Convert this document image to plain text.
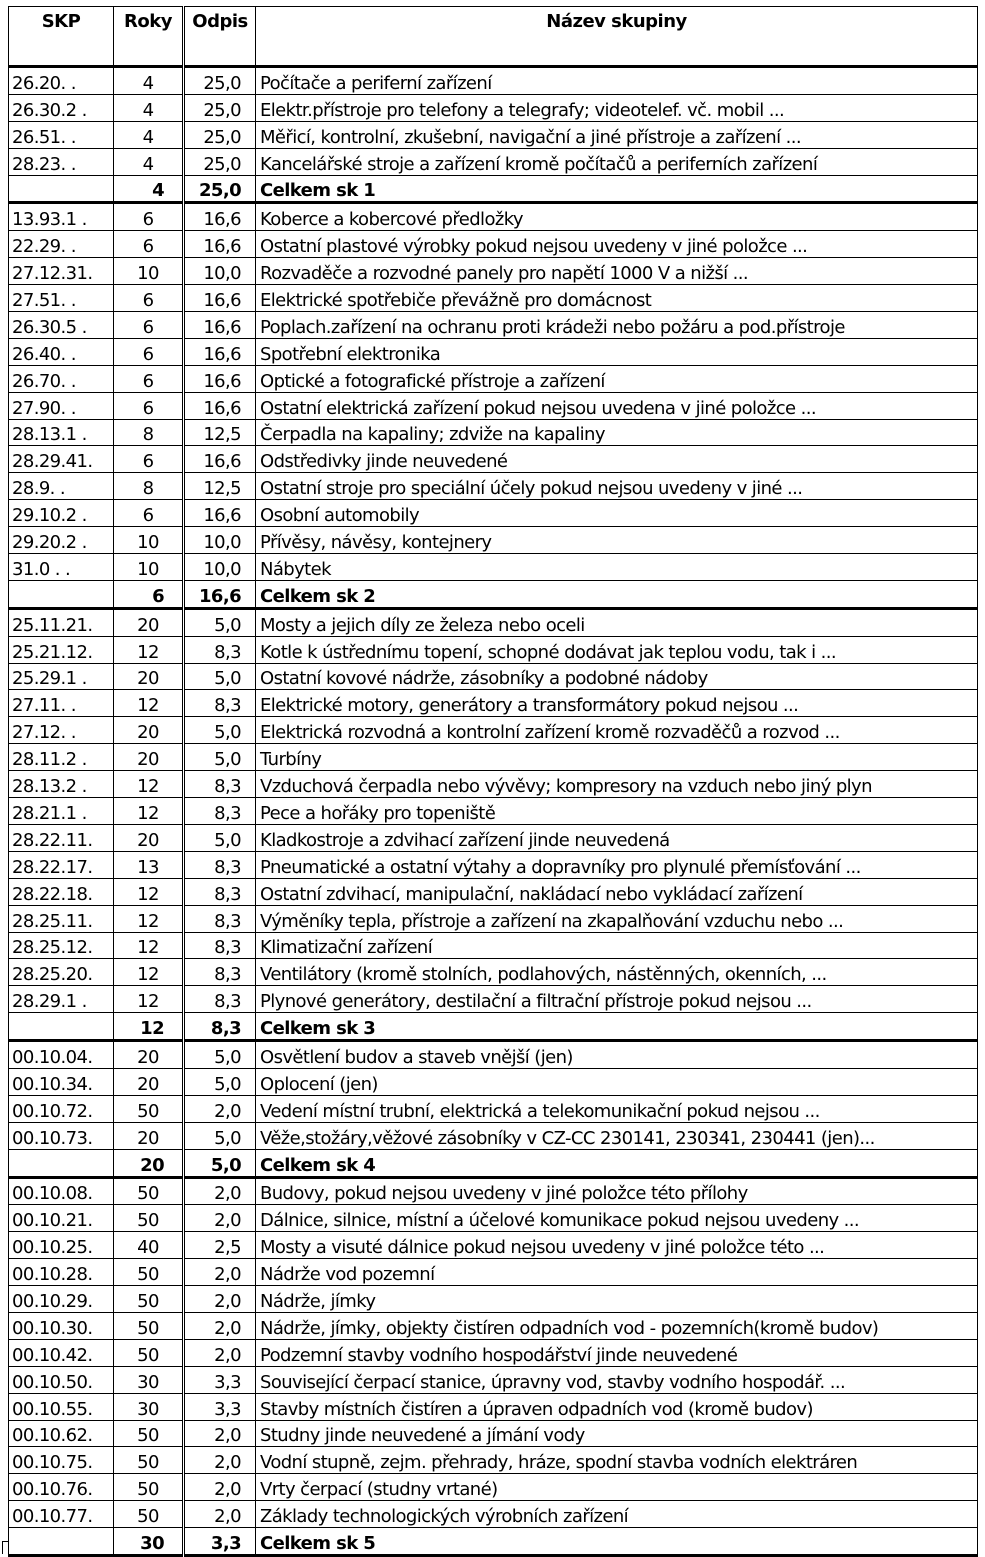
SKP	Roky	Odpis	Název skupiny
26.20. .	4	25,0	Počítače a periferní zařízení
26.30.2 .	4	25,0	Elektr.přístroje pro telefony a telegrafy; videotelef. vč. mobil ...
26.51. .	4	25,0	Měřicí, kontrolní, zkušební, navigační a jiné přístroje a zařízení ...
28.23. .	4	25,0	Kancelářské stroje a zařízení kromě počítačů a periferních zařízení
	4	25,0	Celkem sk 1
13.93.1 .	6	16,6	Koberce a kobercové předložky
22.29. .	6	16,6	Ostatní plastové výrobky pokud nejsou uvedeny v jiné položce ...
27.12.31.	10	10,0	Rozvaděče a rozvodné panely pro napětí 1000 V a nižší ...
27.51. .	6	16,6	Elektrické spotřebiče převážně pro domácnost
26.30.5 .	6	16,6	Poplach.zařízení na ochranu proti krádeži nebo požáru a pod.přístroje
26.40. .	6	16,6	Spotřební elektronika
26.70. .	6	16,6	Optické a fotografické přístroje a zařízení
27.90. .	6	16,6	Ostatní elektrická zařízení pokud nejsou uvedena v jiné položce ...
28.13.1 .	8	12,5	Čerpadla na kapaliny; zdviže na kapaliny
28.29.41.	6	16,6	Odstředivky jinde neuvedené
28.9. .	8	12,5	Ostatní stroje pro speciální účely pokud nejsou uvedeny v jiné ...
29.10.2 .	6	16,6	Osobní automobily
29.20.2 .	10	10,0	Přívěsy, návěsy, kontejnery
31.0 . .	10	10,0	Nábytek
	6	16,6	Celkem sk 2
25.11.21.	20	5,0	Mosty a jejich díly ze železa nebo oceli
25.21.12.	12	8,3	Kotle k ústřednímu topení, schopné dodávat jak teplou vodu, tak i ...
25.29.1 .	20	5,0	Ostatní kovové nádrže, zásobníky a podobné nádoby
27.11. .	12	8,3	Elektrické motory, generátory a transformátory pokud nejsou ...
27.12. .	20	5,0	Elektrická rozvodná a kontrolní zařízení kromě rozvaděčů a rozvod ...
28.11.2 .	20	5,0	Turbíny
28.13.2 .	12	8,3	Vzduchová čerpadla nebo vývěvy; kompresory na vzduch nebo jiný plyn
28.21.1 .	12	8,3	Pece a hořáky pro topeniště
28.22.11.	20	5,0	Kladkostroje a zdvihací zařízení jinde neuvedená
28.22.17.	13	8,3	Pneumatické a ostatní výtahy a dopravníky pro plynulé přemísťování ...
28.22.18.	12	8,3	Ostatní zdvihací, manipulační, nakládací nebo vykládací zařízení
28.25.11.	12	8,3	Výměníky tepla, přístroje a zařízení na zkapalňování vzduchu nebo ...
28.25.12.	12	8,3	Klimatizační zařízení
28.25.20.	12	8,3	Ventilátory (kromě stolních, podlahových, nástěnných, okenních, ...
28.29.1 .	12	8,3	Plynové generátory, destilační a filtrační přístroje pokud nejsou ...
	12	8,3	Celkem sk 3
00.10.04.	20	5,0	Osvětlení budov a staveb vnější (jen)
00.10.34.	20	5,0	Oplocení (jen)
00.10.72.	50	2,0	Vedení místní trubní, elektrická a telekomunikační pokud nejsou ...
00.10.73.	20	5,0	Věže,stožáry,věžové zásobníky v CZ-CC 230141, 230341, 230441 (jen)...
	20	5,0	Celkem sk 4
00.10.08.	50	2,0	Budovy, pokud nejsou uvedeny v jiné položce této přílohy
00.10.21.	50	2,0	Dálnice, silnice, místní a účelové komunikace pokud nejsou uvedeny ...
00.10.25.	40	2,5	Mosty a visuté dálnice pokud nejsou uvedeny v jiné položce této ...
00.10.28.	50	2,0	Nádrže vod pozemní
00.10.29.	50	2,0	Nádrže, jímky
00.10.30.	50	2,0	Nádrže, jímky, objekty čistíren odpadních vod - pozemních(kromě budov)
00.10.42.	50	2,0	Podzemní stavby vodního hospodářství jinde neuvedené
00.10.50.	30	3,3	Související čerpací stanice, úpravny vod, stavby vodního hospodář. ...
00.10.55.	30	3,3	Stavby místních čistíren a úpraven odpadních vod (kromě budov)
00.10.62.	50	2,0	Studny jinde neuvedené a jímání vody
00.10.75.	50	2,0	Vodní stupně, zejm. přehrady, hráze, spodní stavba vodních elektráren
00.10.76.	50	2,0	Vrty čerpací (studny vrtané)
00.10.77.	50	2,0	Základy technologických výrobních zařízení
	30	3,3	Celkem sk 5
